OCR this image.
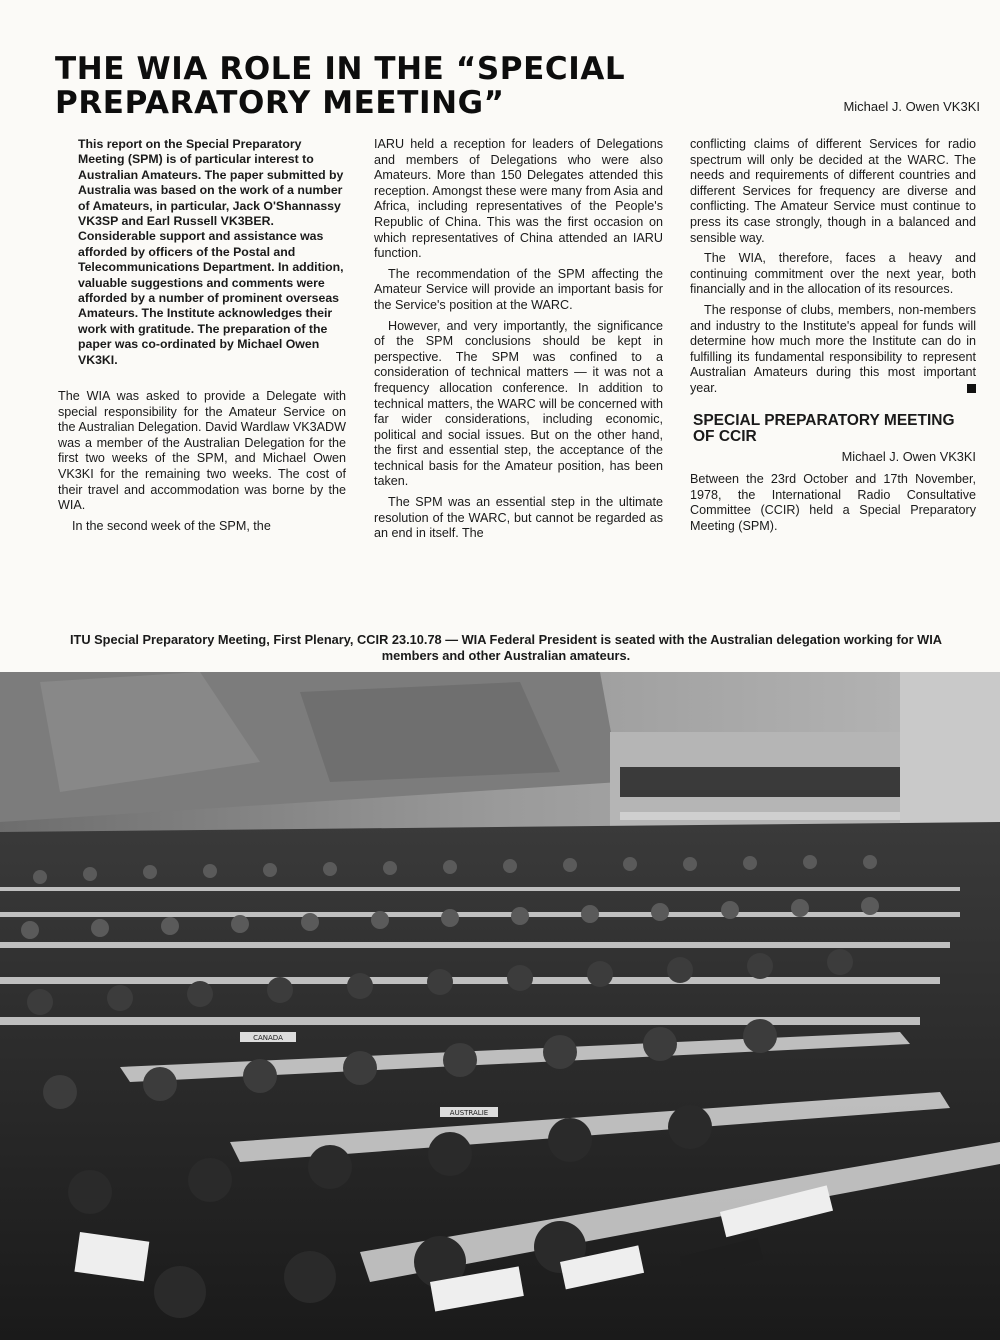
THE WIA ROLE IN THE “SPECIAL
PREPARATORY MEETING”	Michael J. Owen VK3KI

This report on the Special Preparatory Meeting (SPM) is of particular interest to Australian Amateurs. The paper submitted by Australia was based on the work of a number of Amateurs, in particular, Jack O'Shannassy VK3SP and Earl Russell VK3BER. Considerable support and assistance was afforded by officers of the Postal and Telecommunications Department. In addition, valuable suggestions and comments were afforded by a number of prominent overseas Amateurs. The Institute acknowledges their work with gratitude. The preparation of the paper was co-ordinated by Michael Owen VK3KI.

The WIA was asked to provide a Delegate with special responsibility for the Amateur Service on the Australian Delegation. David Wardlaw VK3ADW was a member of the Australian Delegation for the first two weeks of the SPM, and Michael Owen VK3KI for the remaining two weeks. The cost of their travel and accommodation was borne by the WIA.

In the second week of the SPM, the

IARU held a reception for leaders of Delegations and members of Delegations who were also Amateurs. More than 150 Delegates attended this reception. Amongst these were many from Asia and Africa, including representatives of the People's Republic of China. This was the first occasion on which representatives of China attended an IARU function.

The recommendation of the SPM affecting the Amateur Service will provide an important basis for the Service's position at the WARC.

However, and very importantly, the significance of the SPM conclusions should be kept in perspective. The SPM was confined to a consideration of technical matters — it was not a frequency allocation conference. In addition to technical matters, the WARC will be concerned with far wider considerations, including economic, political and social issues. But on the other hand, the first and essential step, the acceptance of the technical basis for the Amateur position, has been taken.

The SPM was an essential step in the ultimate resolution of the WARC, but cannot be regarded as an end in itself. The

conflicting claims of different Services for radio spectrum will only be decided at the WARC. The needs and requirements of different countries and different Services for frequency are diverse and conflicting. The Amateur Service must continue to press its case strongly, though in a balanced and sensible way.

The WIA, therefore, faces a heavy and continuing commitment over the next year, both financially and in the allocation of its resources.

The response of clubs, members, non-members and industry to the Institute's appeal for funds will determine how much more the Institute can do in fulfilling its fundamental responsibility to represent Australian Amateurs during this most important year.

SPECIAL PREPARATORY MEETING OF CCIR

Michael J. Owen VK3KI

Between the 23rd October and 17th November, 1978, the International Radio Consultative Committee (CCIR) held a Special Preparatory Meeting (SPM).

ITU Special Preparatory Meeting, First Plenary, CCIR 23.10.78 — WIA Federal President is seated with the Australian delegation working for WIA members and other Australian amateurs.
CANADA
AUSTRALIE
